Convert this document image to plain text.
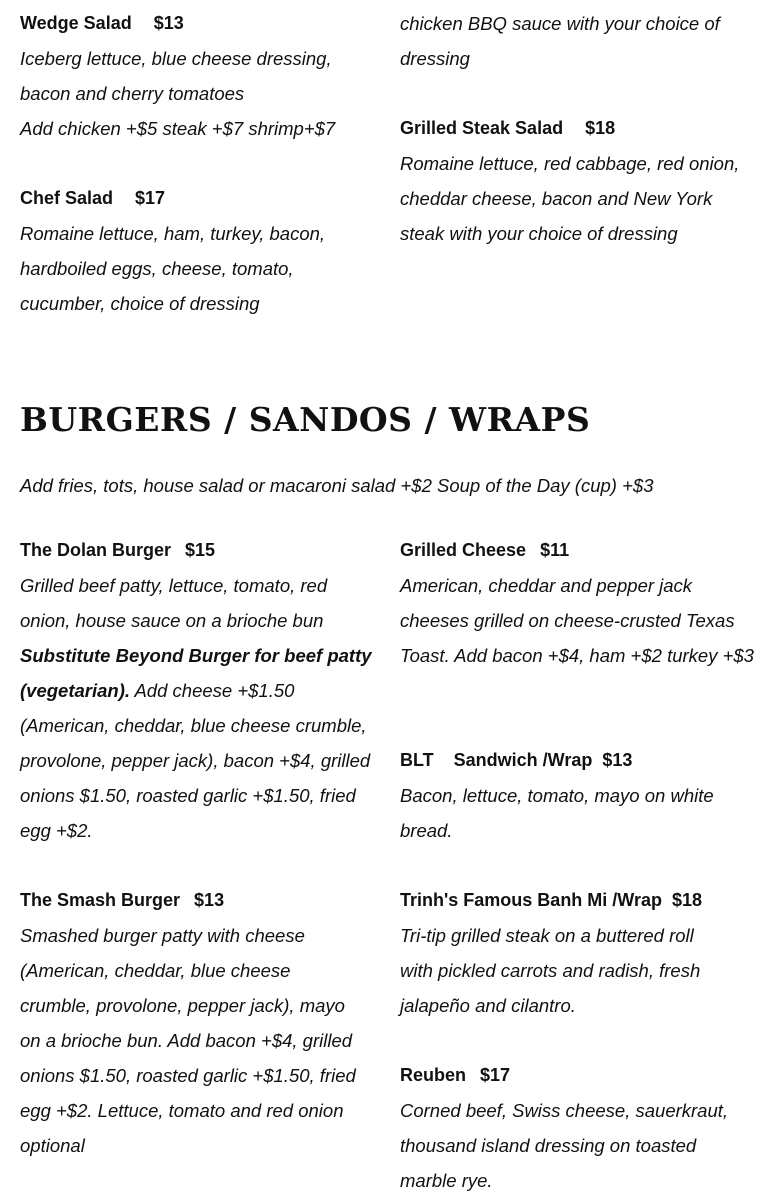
Wedge Salad $13

Iceberg lettuce, blue cheese dressing, bacon and cherry tomatoes

Add chicken +$5 steak +$7 shrimp+$7

Chef Salad $17

Romaine lettuce, ham, turkey, bacon, hardboiled eggs, cheese, tomato, cucumber, choice of dressing

chicken BBQ sauce with your choice of dressing

Grilled Steak Salad $18

Romaine lettuce, red cabbage, red onion, cheddar cheese, bacon and New York steak with your choice of dressing

BURGERS / SANDOS / WRAPS

Add fries, tots, house salad or macaroni salad +$2 Soup of the Day (cup) +$3

The Dolan Burger $15

Grilled beef patty, lettuce, tomato, red onion, house sauce on a brioche bun Substitute Beyond Burger for beef patty (vegetarian). Add cheese +$1.50 (American, cheddar, blue cheese crumble, provolone, pepper jack), bacon +$4, grilled onions $1.50, roasted garlic +$1.50, fried egg +$2.

The Smash Burger $13

Smashed burger patty with cheese (American, cheddar, blue cheese crumble, provolone, pepper jack), mayo on a brioche bun. Add bacon +$4, grilled onions $1.50, roasted garlic +$1.50, fried egg +$2. Lettuce, tomato and red onion optional

Grilled Cheese $11

American, cheddar and pepper jack cheeses grilled on cheese-crusted Texas Toast. Add bacon +$4, ham +$2 turkey +$3

BLT    Sandwich /Wrap $13

Bacon, lettuce, tomato, mayo on white bread.

Trinh's Famous Banh Mi /Wrap $18

Tri-tip grilled steak on a buttered roll with pickled carrots and radish, fresh jalapeño and cilantro.

Reuben $17

Corned beef, Swiss cheese, sauerkraut, thousand island dressing on toasted marble rye.
